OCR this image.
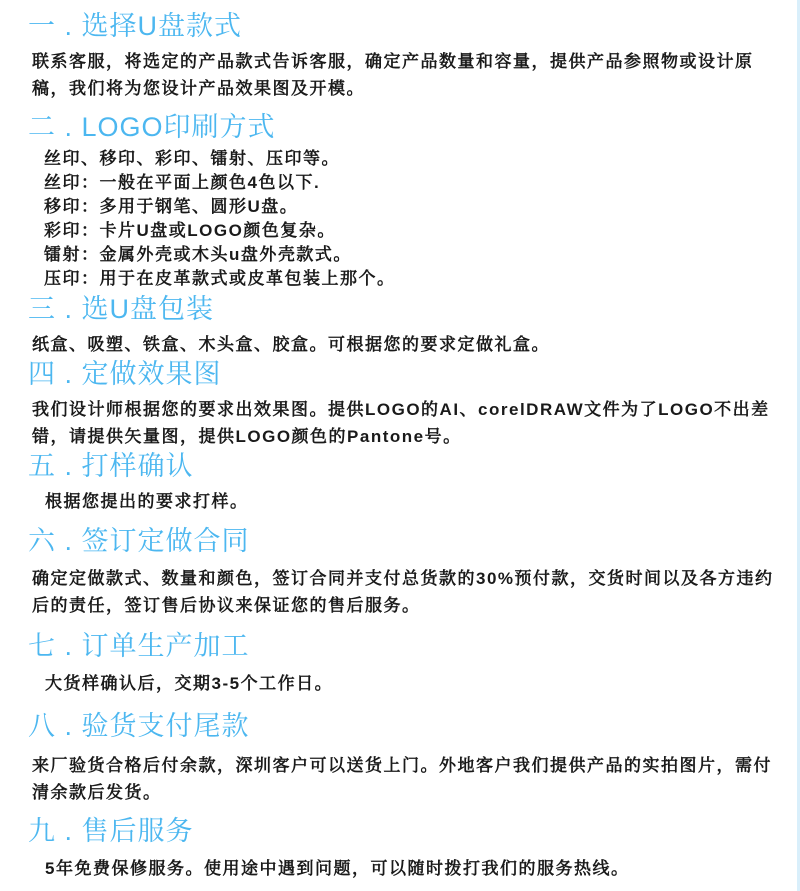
一 . 选择U盘款式

联系客服，将选定的产品款式告诉客服，确定产品数量和容量，提供产品参照物或设计原稿，我们将为您设计产品效果图及开模。

二 . LOGO印刷方式
丝印、移印、彩印、镭射、压印等。
丝印：一般在平面上颜色4色以下.
移印：多用于钢笔、圆形U盘。
彩印：卡片U盘或LOGO颜色复杂。
镭射：金属外壳或木头u盘外壳款式。
压印：用于在皮革款式或皮革包装上那个。
三 . 选U盘包装

纸盒、吸塑、铁盒、木头盒、胶盒。可根据您的要求定做礼盒。

四 . 定做效果图

我们设计师根据您的要求出效果图。提供LOGO的AI、corelDRAW文件为了LOGO不出差错，请提供矢量图，提供LOGO颜色的Pantone号。

五 . 打样确认

根据您提出的要求打样。

六 . 签订定做合同

确定定做款式、数量和颜色，签订合同并支付总货款的30%预付款，交货时间以及各方违约后的责任，签订售后协议来保证您的售后服务。

七 . 订单生产加工

大货样确认后，交期3-5个工作日。

八 . 验货支付尾款

来厂验货合格后付余款，深圳客户可以送货上门。外地客户我们提供产品的实拍图片，需付清余款后发货。

九 . 售后服务

5年免费保修服务。使用途中遇到问题，可以随时拨打我们的服务热线。
